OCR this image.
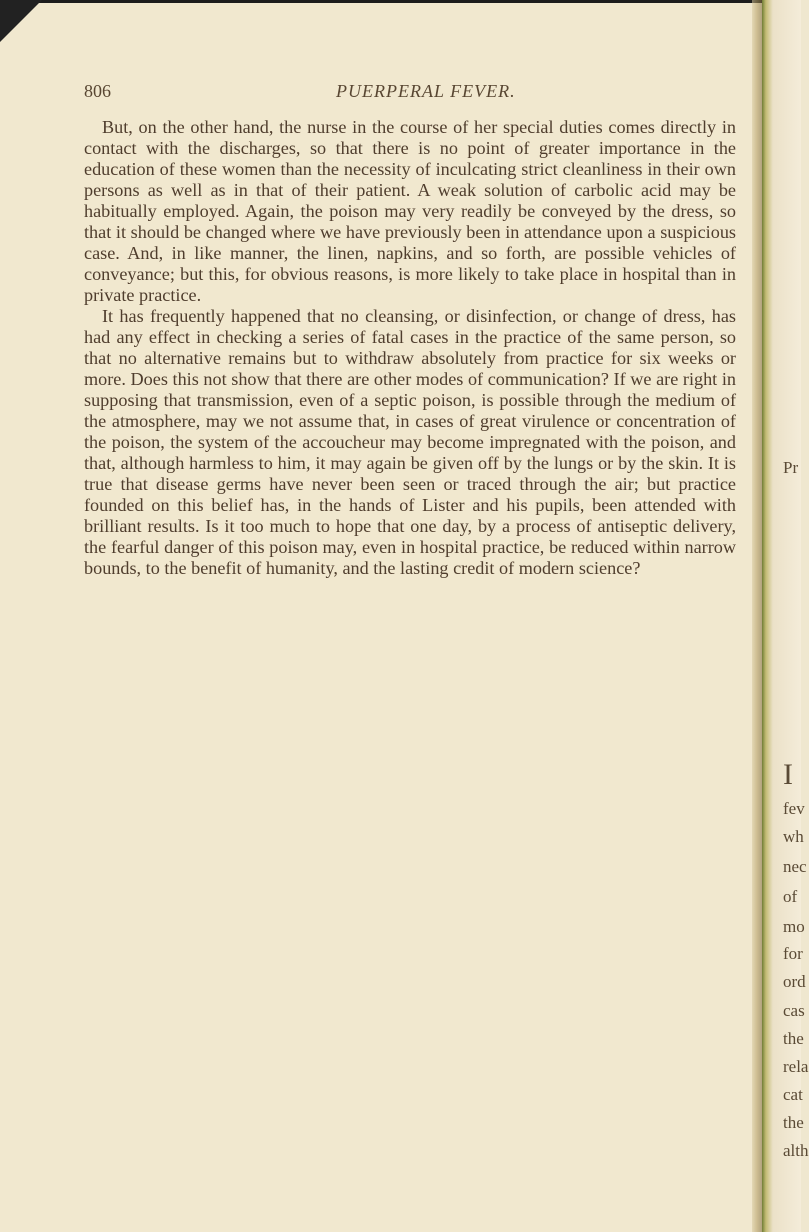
806	PUERPERAL FEVER.

But, on the other hand, the nurse in the course of her special duties comes directly in contact with the discharges, so that there is no point of greater importance in the education of these women than the necessity of inculcating strict cleanliness in their own persons as well as in that of their patient. A weak solution of carbolic acid may be habitually employed. Again, the poison may very readily be conveyed by the dress, so that it should be changed where we have previously been in attendance upon a suspicious case. And, in like manner, the linen, napkins, and so forth, are possible vehicles of conveyance; but this, for obvious reasons, is more likely to take place in hospital than in private practice.

It has frequently happened that no cleansing, or disinfection, or change of dress, has had any effect in checking a series of fatal cases in the practice of the same person, so that no alternative remains but to withdraw absolutely from practice for six weeks or more. Does this not show that there are other modes of communication? If we are right in supposing that transmission, even of a septic poison, is possible through the medium of the atmosphere, may we not assume that, in cases of great virulence or concentration of the poison, the system of the accoucheur may become impregnated with the poison, and that, although harmless to him, it may again be given off by the lungs or by the skin. It is true that disease germs have never been seen or traced through the air; but practice founded on this belief has, in the hands of Lister and his pupils, been attended with brilliant results. Is it too much to hope that one day, by a process of antiseptic delivery, the fearful danger of this poison may, even in hospital practice, be reduced within narrow bounds, to the benefit of humanity, and the lasting credit of modern science?

Pr
I
fev
wh
nec
of
mo
for
ord
cas
the
rela
cat
the
alth
